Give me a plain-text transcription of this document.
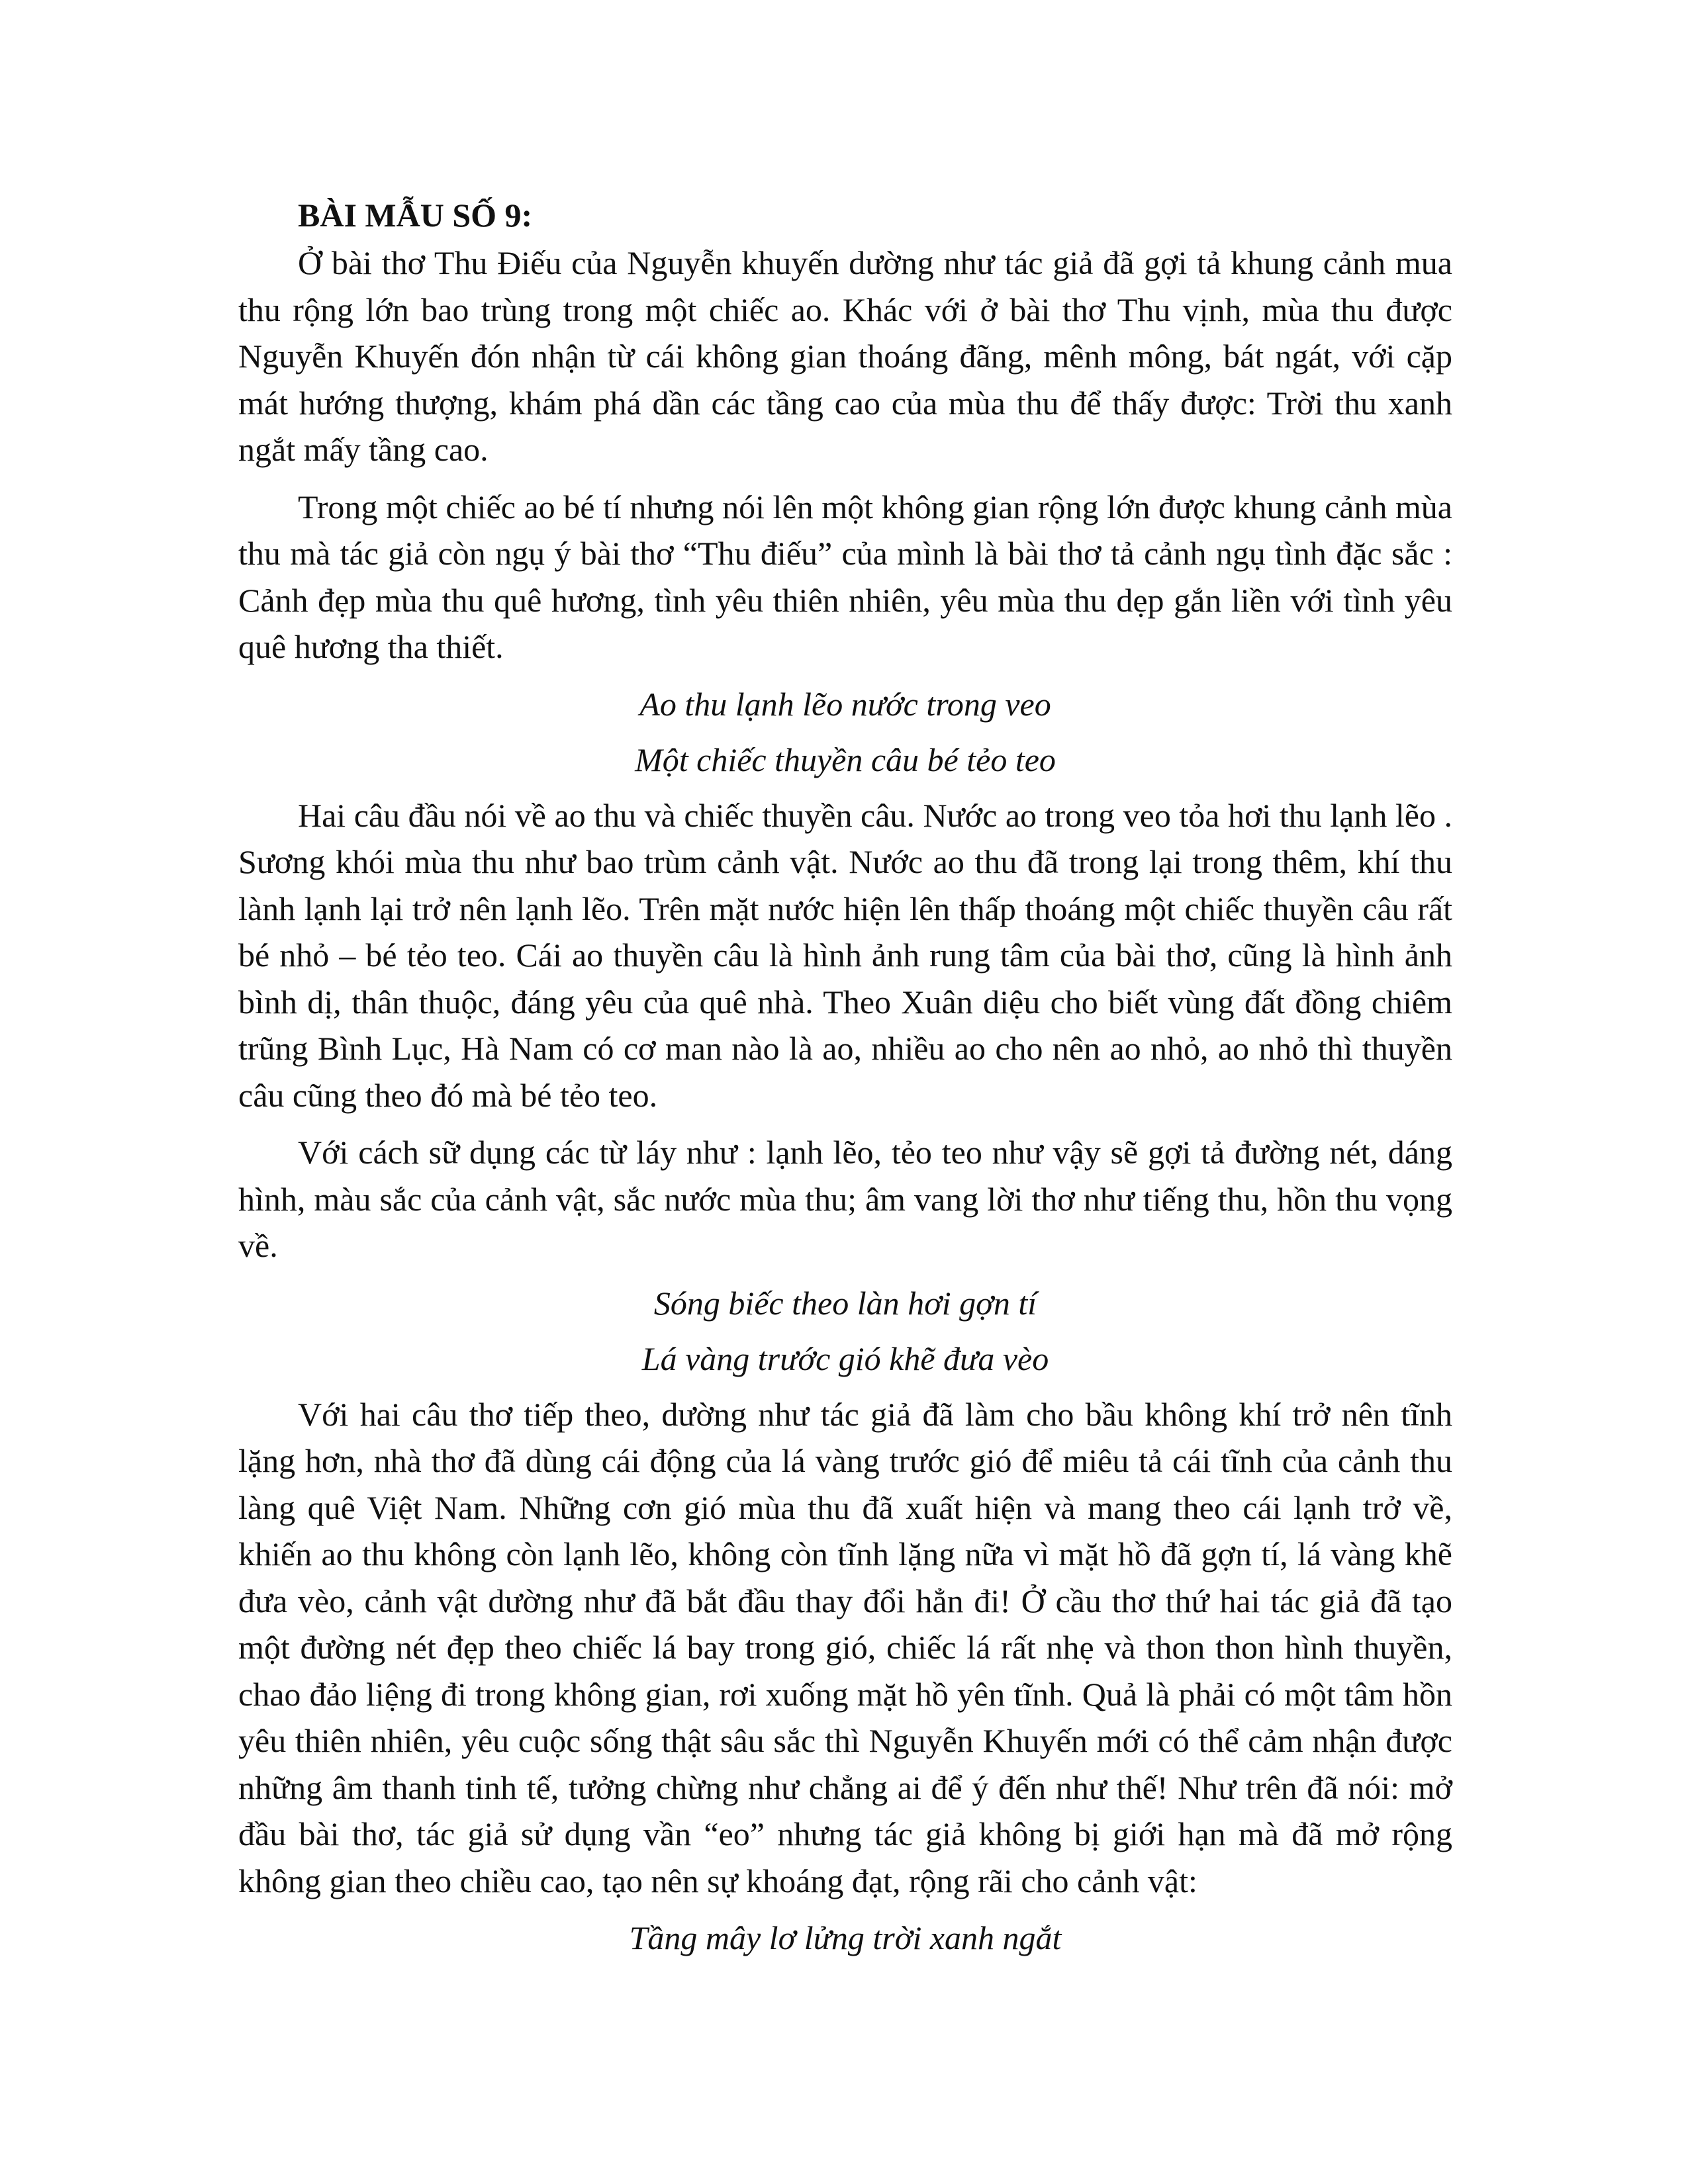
BÀI MẪU SỐ 9:

Ở bài thơ Thu Điếu của Nguyễn khuyến dường như tác giả đã gợi tả khung cảnh mua thu rộng lớn bao trùng trong một chiếc ao. Khác với ở bài thơ Thu vịnh, mùa thu được Nguyễn Khuyến đón nhận từ cái không gian thoáng đãng, mênh mông, bát ngát, với cặp mát hướng thượng, khám phá dần các tầng cao của mùa thu để thấy được: Trời thu xanh ngắt mấy tầng cao.

Trong một chiếc ao bé tí nhưng nói lên một không gian rộng lớn được khung cảnh mùa thu mà tác giả còn ngụ ý bài thơ “Thu điếu” của mình là bài thơ tả cảnh ngụ tình đặc sắc : Cảnh đẹp mùa thu quê hương, tình yêu thiên nhiên, yêu mùa thu dẹp gắn liền với tình yêu quê hương tha thiết.

Ao thu lạnh lẽo nước trong veo
Một chiếc thuyền câu bé tẻo teo

Hai câu đầu nói về ao thu và chiếc thuyền câu. Nước ao trong veo tỏa hơi thu lạnh lẽo . Sương khói mùa thu như bao trùm cảnh vật. Nước ao thu đã trong lại trong thêm, khí thu lành lạnh lại trở nên lạnh lẽo. Trên mặt nước hiện lên thấp thoáng một chiếc thuyền câu rất bé nhỏ – bé tẻo teo. Cái ao thuyền câu là hình ảnh rung tâm của bài thơ, cũng là hình ảnh bình dị, thân thuộc, đáng yêu của quê nhà. Theo Xuân diệu cho biết vùng đất đồng chiêm trũng Bình Lục, Hà Nam có cơ man nào là ao, nhiều ao cho nên ao nhỏ, ao nhỏ thì thuyền câu cũng theo đó mà bé tẻo teo.

Với cách sữ dụng các từ láy như : lạnh lẽo, tẻo teo như vậy sẽ gợi tả đường nét, dáng hình, màu sắc của cảnh vật, sắc nước mùa thu; âm vang lời thơ như tiếng thu, hồn thu vọng về.

Sóng biếc theo làn hơi gợn tí
Lá vàng trước gió khẽ đưa vèo

Với hai câu thơ tiếp theo, dường như tác giả đã làm cho bầu không khí trở nên tĩnh lặng hơn, nhà thơ đã dùng cái động của lá vàng trước gió để miêu tả cái tĩnh của cảnh thu làng quê Việt Nam. Những cơn gió mùa thu đã xuất hiện và mang theo cái lạnh trở về, khiến ao thu không còn lạnh lẽo, không còn tĩnh lặng nữa vì mặt hồ đã gợn tí, lá vàng khẽ đưa vèo, cảnh vật dường như đã bắt đầu thay đổi hẳn đi! Ở cầu thơ thứ hai tác giả đã tạo một đường nét đẹp theo chiếc lá bay trong gió, chiếc lá rất nhẹ và thon thon hình thuyền, chao đảo liệng đi trong không gian, rơi xuống mặt hồ yên tĩnh. Quả là phải có một tâm hồn yêu thiên nhiên, yêu cuộc sống thật sâu sắc thì Nguyễn Khuyến mới có thể cảm nhận được những âm thanh tinh tế, tưởng chừng như chẳng ai để ý đến như thế! Như trên đã nói: mở đầu bài thơ, tác giả sử dụng vần “eo” nhưng tác giả không bị giới hạn mà đã mở rộng không gian theo chiều cao, tạo nên sự khoáng đạt, rộng rãi cho cảnh vật:

Tầng mây lơ lửng trời xanh ngắt
